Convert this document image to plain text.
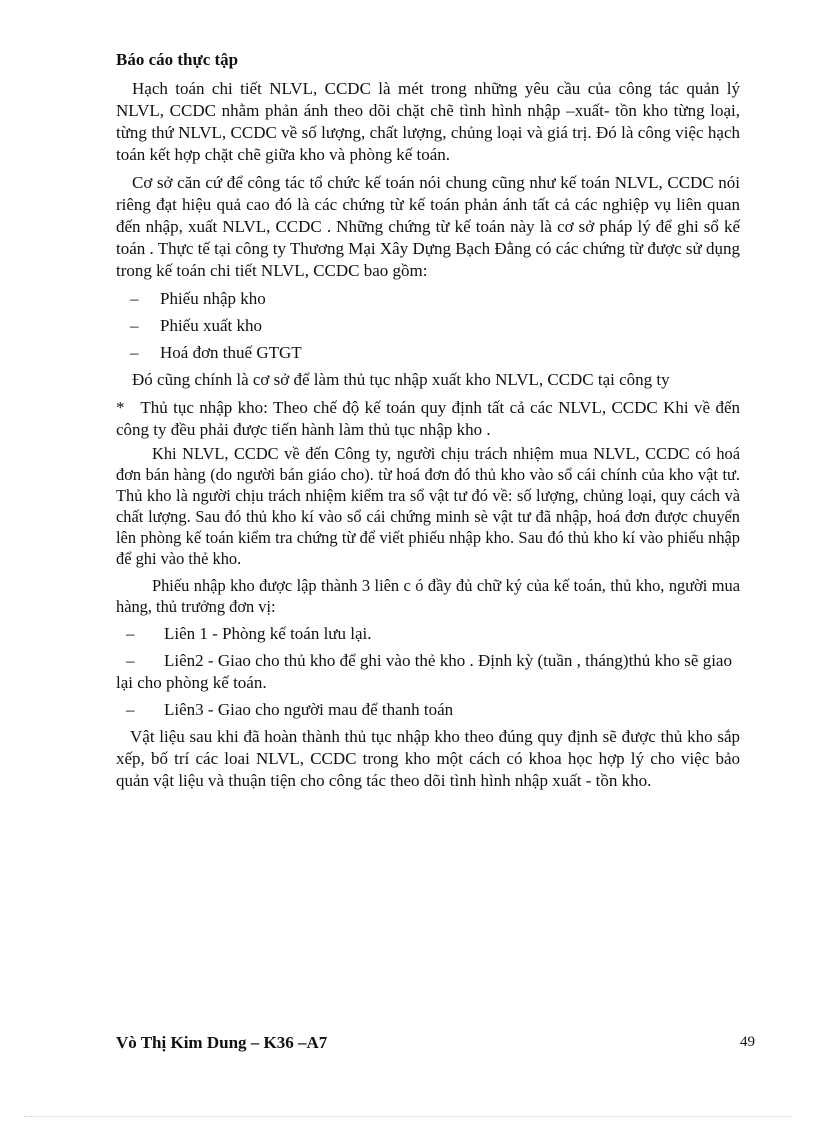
Báo cáo thực tập

Hạch toán chi tiết NLVL, CCDC là mét trong những yêu cầu của công tác quản lý NLVL, CCDC nhằm phản ánh theo dõi chặt chẽ tình hình nhập –xuất- tồn kho từng loại, từng thứ NLVL, CCDC về số lượng, chất lượng, chủng loại và giá trị. Đó là công việc hạch toán kết hợp chặt chẽ giữa kho và phòng kế toán.

Cơ sở căn cứ để công tác tổ chức kế toán nói chung cũng như kế toán NLVL, CCDC nói riêng đạt hiệu quả cao đó là các chứng từ kế toán phản ánh tất cả các nghiệp vụ liên quan đến nhập, xuất NLVL, CCDC . Những chứng từ kế toán này là cơ sở pháp lý để ghi sổ kế toán . Thực tế tại công ty Thương Mại Xây Dựng Bạch Đằng có các chứng từ được sử dụng trong kế toán chi tiết NLVL, CCDC bao gồm:

–	Phiếu nhập kho
–	Phiếu xuất kho
–	Hoá đơn thuế GTGT

Đó cũng chính là cơ sở để làm thủ tục nhập xuất kho NLVL, CCDC tại công ty

* Thủ tục nhập kho: Theo chế độ kế toán quy định tất cả các NLVL, CCDC Khi về đến công ty đều phải được tiến hành làm thủ tục nhập kho .

Khi NLVL, CCDC về đến Công ty, người chịu trách nhiệm mua NLVL, CCDC có hoá đơn bán hàng (do người bán giáo cho). từ hoá đơn đó thủ kho vào sổ cái chính của kho vật tư. Thủ kho là người chịu trách nhiệm kiểm tra sổ vật tư đó về: số lượng, chủng loại, quy cách và chất lượng. Sau đó thủ kho kí vào sổ cái chứng minh sè vật tư đã nhập, hoá đơn được chuyển lên phòng kế toán kiểm tra chứng từ để viết phiếu nhập kho. Sau đó thủ kho kí vào phiếu nhập để ghi vào thẻ kho.

Phiếu nhập kho được lập thành 3 liên c ó đầy đủ chữ ký của kế toán, thủ kho, người mua hàng, thủ trưởng đơn vị:

–	Liên 1 - Phòng kế toán lưu lại.
– Liên2 - Giao cho thủ kho để ghi vào thẻ kho . Định kỳ (tuần , tháng)thủ kho sẽ giao lại cho phòng kế toán.
–	Liên3 - Giao cho người mau để thanh toán

Vật liệu sau khi đã hoàn thành thủ tục nhập kho theo đúng quy định sẽ được thủ kho sắp xếp, bố trí các loai NLVL, CCDC trong kho một cách có khoa học hợp lý cho việc bảo quản vật liệu và thuận tiện cho công tác theo dõi tình hình nhập xuất - tồn kho.

Vò Thị Kim Dung – K36 –A7	49
